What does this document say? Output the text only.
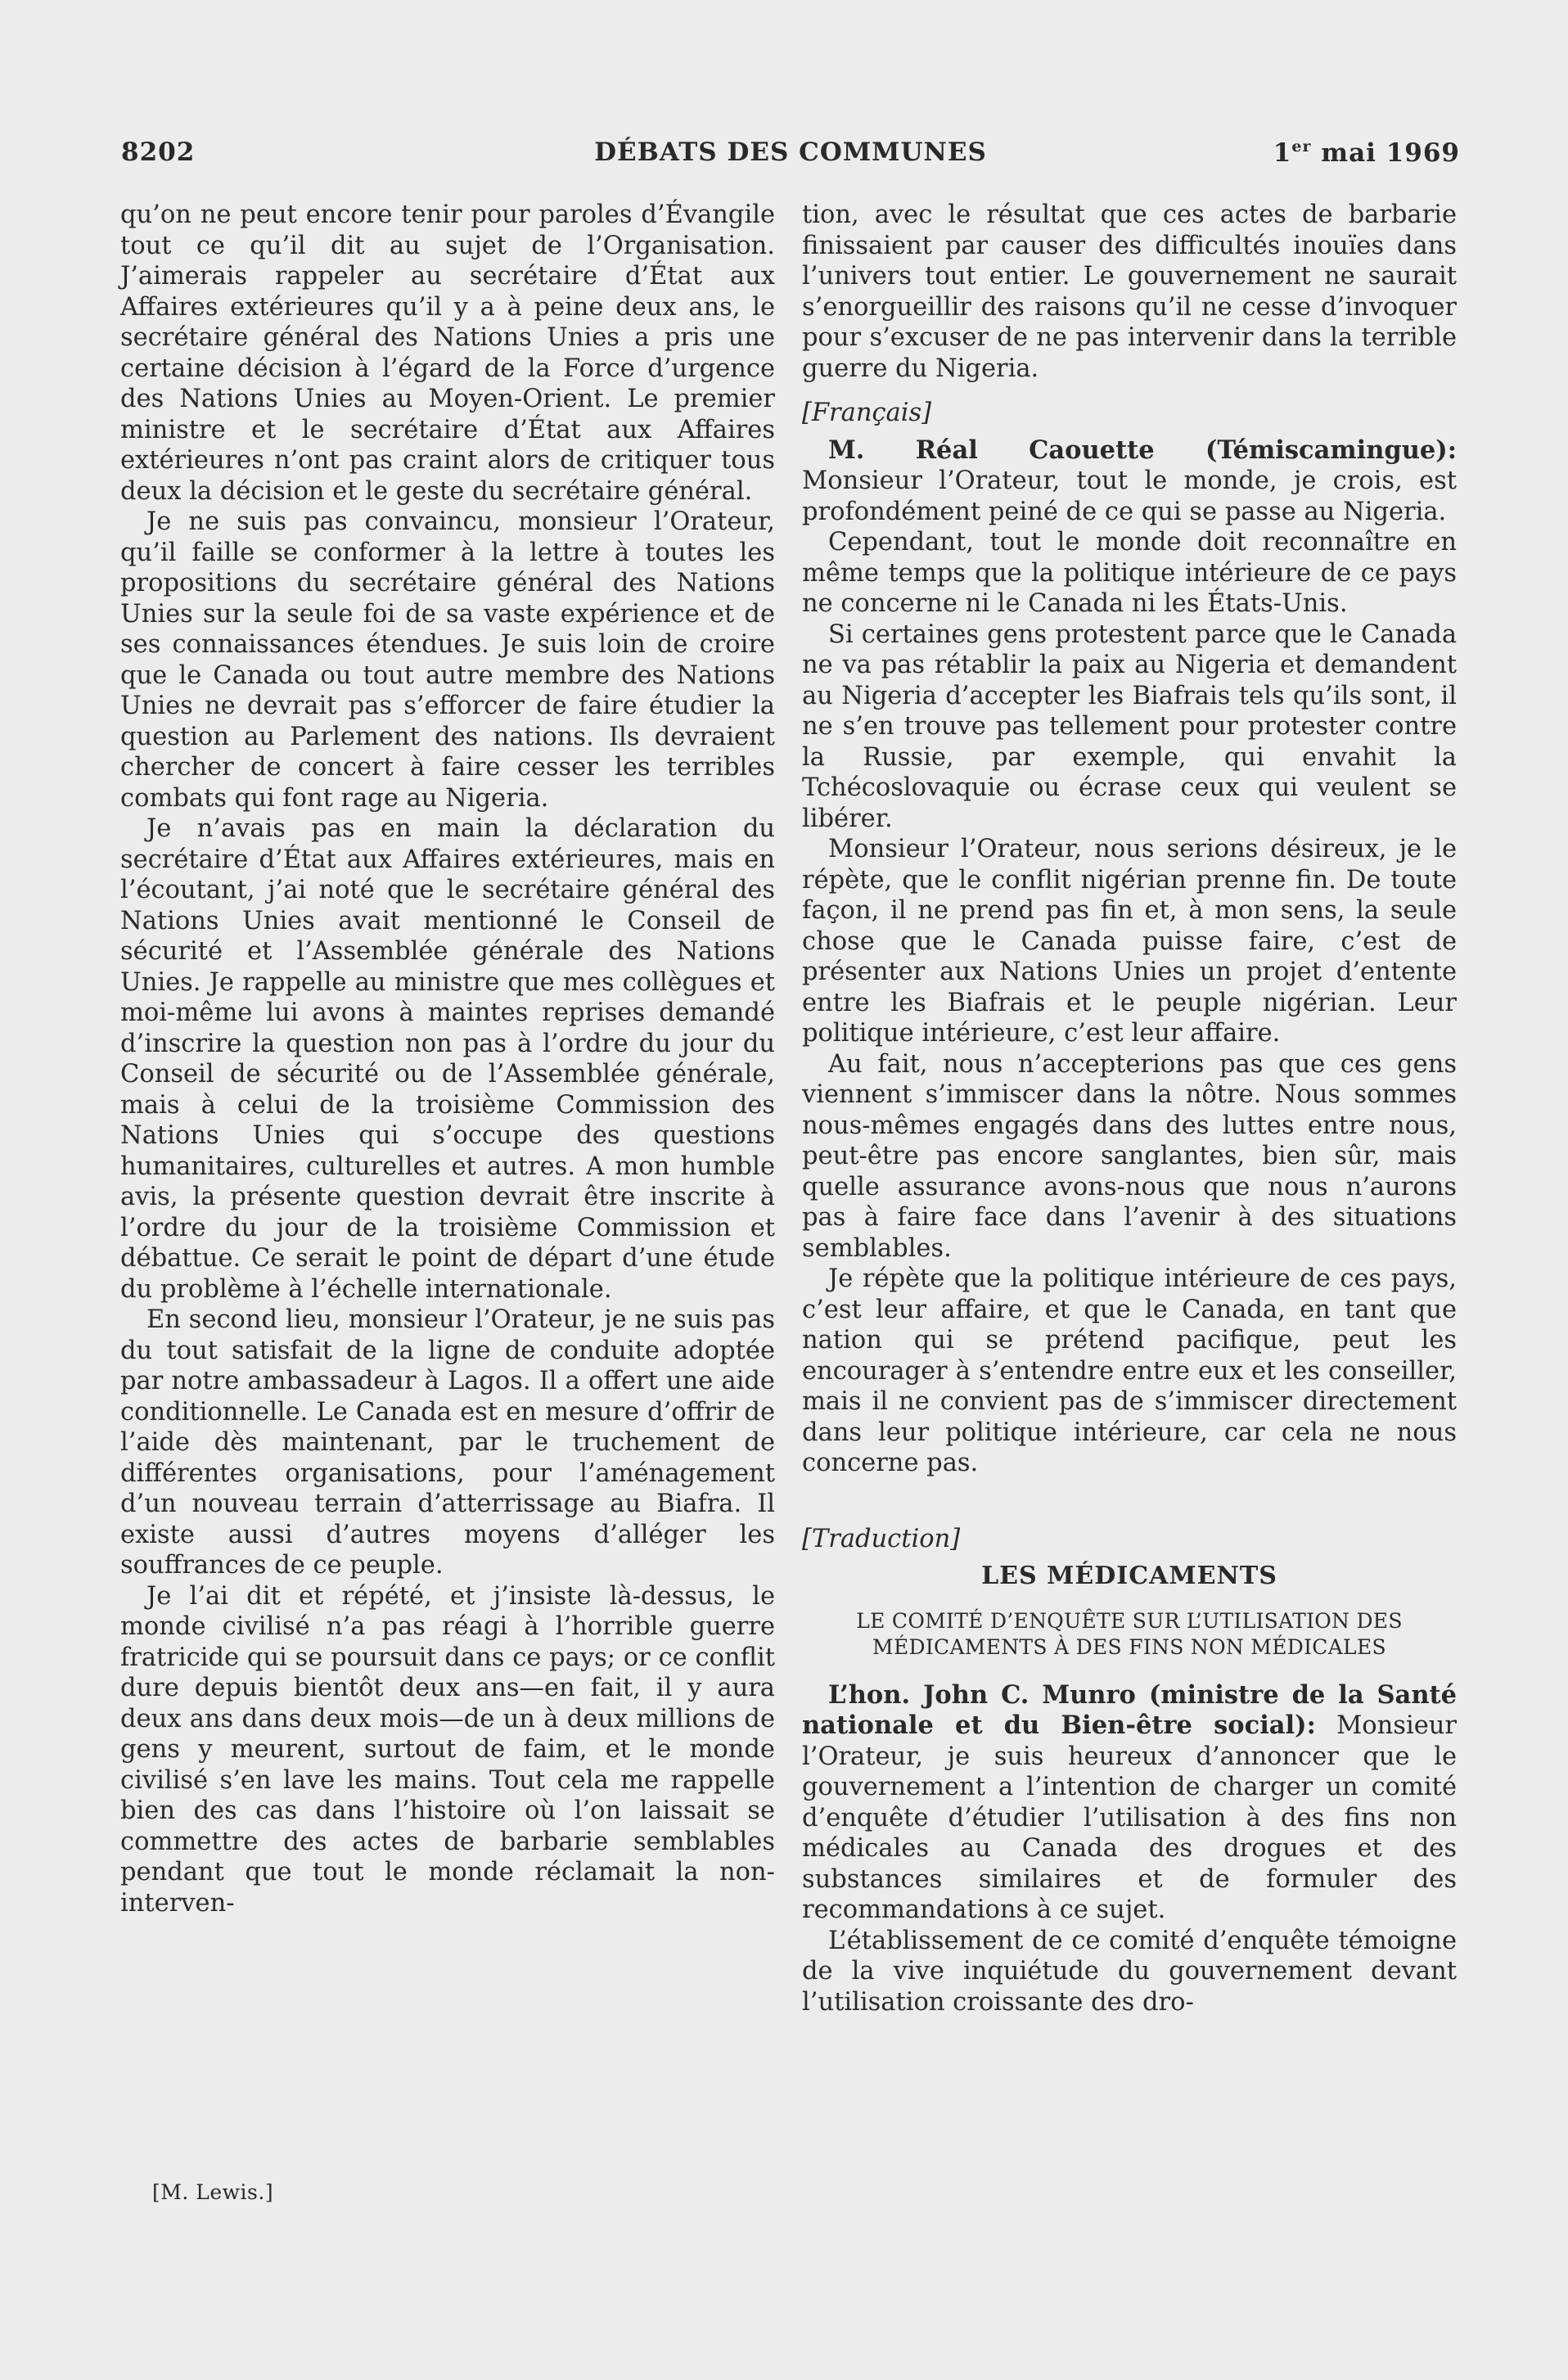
8202	DÉBATS DES COMMUNES	1er mai 1969

qu’on ne peut encore tenir pour paroles d’Évangile tout ce qu’il dit au sujet de l’Organisation. J’aimerais rappeler au secrétaire d’État aux Affaires extérieures qu’il y a à peine deux ans, le secrétaire général des Nations Unies a pris une certaine décision à l’égard de la Force d’urgence des Nations Unies au Moyen-Orient. Le premier ministre et le secrétaire d’État aux Affaires extérieures n’ont pas craint alors de critiquer tous deux la décision et le geste du secrétaire général.

Je ne suis pas convaincu, monsieur l’Orateur, qu’il faille se conformer à la lettre à toutes les propositions du secrétaire général des Nations Unies sur la seule foi de sa vaste expérience et de ses connaissances étendues. Je suis loin de croire que le Canada ou tout autre membre des Nations Unies ne devrait pas s’efforcer de faire étudier la question au Parlement des nations. Ils devraient chercher de concert à faire cesser les terribles combats qui font rage au Nigeria.

Je n’avais pas en main la déclaration du secrétaire d’État aux Affaires extérieures, mais en l’écoutant, j’ai noté que le secrétaire général des Nations Unies avait mentionné le Conseil de sécurité et l’Assemblée générale des Nations Unies. Je rappelle au ministre que mes collègues et moi-même lui avons à maintes reprises demandé d’inscrire la question non pas à l’ordre du jour du Conseil de sécurité ou de l’Assemblée générale, mais à celui de la troisième Commission des Nations Unies qui s’occupe des questions humanitaires, culturelles et autres. A mon humble avis, la présente question devrait être inscrite à l’ordre du jour de la troisième Commission et débattue. Ce serait le point de départ d’une étude du problème à l’échelle internationale.

En second lieu, monsieur l’Orateur, je ne suis pas du tout satisfait de la ligne de conduite adoptée par notre ambassadeur à Lagos. Il a offert une aide conditionnelle. Le Canada est en mesure d’offrir de l’aide dès maintenant, par le truchement de différentes organisations, pour l’aménagement d’un nouveau terrain d’atterrissage au Biafra. Il existe aussi d’autres moyens d’alléger les souffrances de ce peuple.

Je l’ai dit et répété, et j’insiste là-dessus, le monde civilisé n’a pas réagi à l’horrible guerre fratricide qui se poursuit dans ce pays; or ce conflit dure depuis bientôt deux ans—en fait, il y aura deux ans dans deux mois—de un à deux millions de gens y meurent, surtout de faim, et le monde civilisé s’en lave les mains. Tout cela me rappelle bien des cas dans l’histoire où l’on laissait se commettre des actes de barbarie semblables pendant que tout le monde réclamait la non-interven-

[M. Lewis.]

tion, avec le résultat que ces actes de barbarie finissaient par causer des difficultés inouïes dans l’univers tout entier. Le gouvernement ne saurait s’enorgueillir des raisons qu’il ne cesse d’invoquer pour s’excuser de ne pas intervenir dans la terrible guerre du Nigeria.

[Français]

M. Réal Caouette (Témiscamingue): Monsieur l’Orateur, tout le monde, je crois, est profondément peiné de ce qui se passe au Nigeria.

Cependant, tout le monde doit reconnaître en même temps que la politique intérieure de ce pays ne concerne ni le Canada ni les États-Unis.

Si certaines gens protestent parce que le Canada ne va pas rétablir la paix au Nigeria et demandent au Nigeria d’accepter les Biafrais tels qu’ils sont, il ne s’en trouve pas tellement pour protester contre la Russie, par exemple, qui envahit la Tchécoslovaquie ou écrase ceux qui veulent se libérer.

Monsieur l’Orateur, nous serions désireux, je le répète, que le conflit nigérian prenne fin. De toute façon, il ne prend pas fin et, à mon sens, la seule chose que le Canada puisse faire, c’est de présenter aux Nations Unies un projet d’entente entre les Biafrais et le peuple nigérian. Leur politique intérieure, c’est leur affaire.

Au fait, nous n’accepterions pas que ces gens viennent s’immiscer dans la nôtre. Nous sommes nous-mêmes engagés dans des luttes entre nous, peut-être pas encore sanglantes, bien sûr, mais quelle assurance avons-nous que nous n’aurons pas à faire face dans l’avenir à des situations semblables.

Je répète que la politique intérieure de ces pays, c’est leur affaire, et que le Canada, en tant que nation qui se prétend pacifique, peut les encourager à s’entendre entre eux et les conseiller, mais il ne convient pas de s’immiscer directement dans leur politique intérieure, car cela ne nous concerne pas.

[Traduction]

LES MÉDICAMENTS

LE COMITÉ D’ENQUÊTE SUR L’UTILISATION DES MÉDICAMENTS À DES FINS NON MÉDICALES

L’hon. John C. Munro (ministre de la Santé nationale et du Bien-être social): Monsieur l’Orateur, je suis heureux d’annoncer que le gouvernement a l’intention de charger un comité d’enquête d’étudier l’utilisation à des fins non médicales au Canada des drogues et des substances similaires et de formuler des recommandations à ce sujet.

L’établissement de ce comité d’enquête témoigne de la vive inquiétude du gouvernement devant l’utilisation croissante des dro-
